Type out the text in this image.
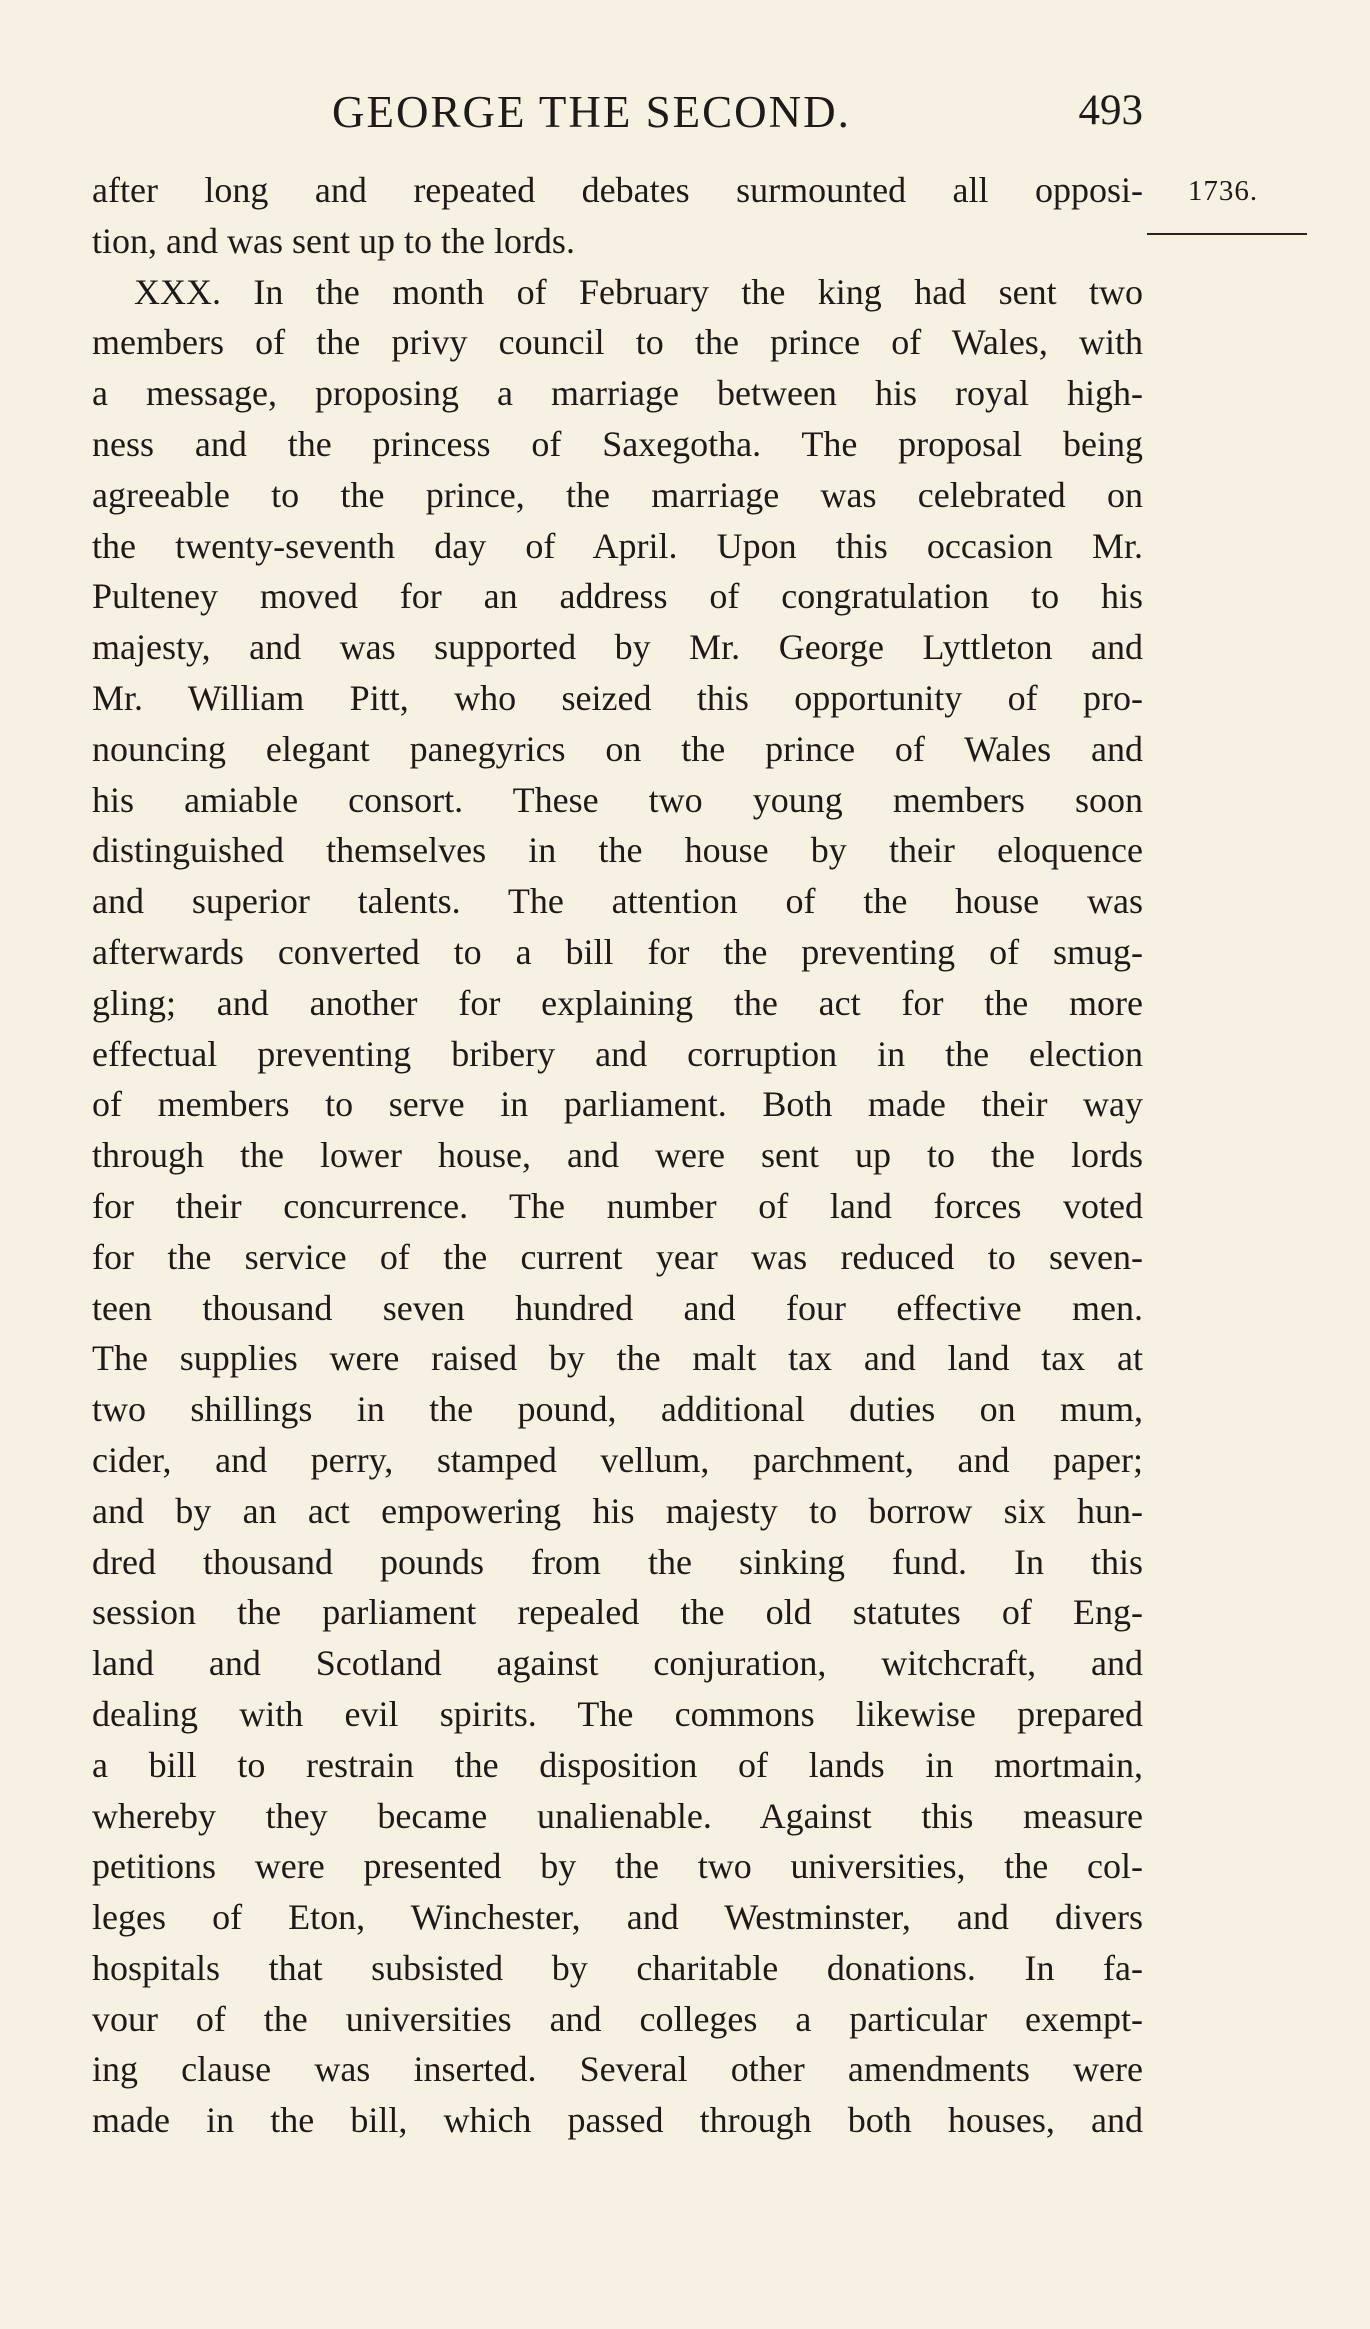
GEORGE THE SECOND.	493
1736.
after long and repeated debates surmounted all opposi-
tion, and was sent up to the lords.
XXX. In the month of February the king had sent two
members of the privy council to the prince of Wales, with
a message, proposing a marriage between his royal high-
ness and the princess of Saxegotha. The proposal being
agreeable to the prince, the marriage was celebrated on
the twenty-seventh day of April. Upon this occasion Mr.
Pulteney moved for an address of congratulation to his
majesty, and was supported by Mr. George Lyttleton and
Mr. William Pitt, who seized this opportunity of pro-
nouncing elegant panegyrics on the prince of Wales and
his amiable consort. These two young members soon
distinguished themselves in the house by their eloquence
and superior talents. The attention of the house was
afterwards converted to a bill for the preventing of smug-
gling; and another for explaining the act for the more
effectual preventing bribery and corruption in the election
of members to serve in parliament. Both made their way
through the lower house, and were sent up to the lords
for their concurrence. The number of land forces voted
for the service of the current year was reduced to seven-
teen thousand seven hundred and four effective men.
The supplies were raised by the malt tax and land tax at
two shillings in the pound, additional duties on mum,
cider, and perry, stamped vellum, parchment, and paper;
and by an act empowering his majesty to borrow six hun-
dred thousand pounds from the sinking fund. In this
session the parliament repealed the old statutes of Eng-
land and Scotland against conjuration, witchcraft, and
dealing with evil spirits. The commons likewise prepared
a bill to restrain the disposition of lands in mortmain,
whereby they became unalienable. Against this measure
petitions were presented by the two universities, the col-
leges of Eton, Winchester, and Westminster, and divers
hospitals that subsisted by charitable donations. In fa-
vour of the universities and colleges a particular exempt-
ing clause was inserted. Several other amendments were
made in the bill, which passed through both houses, and
